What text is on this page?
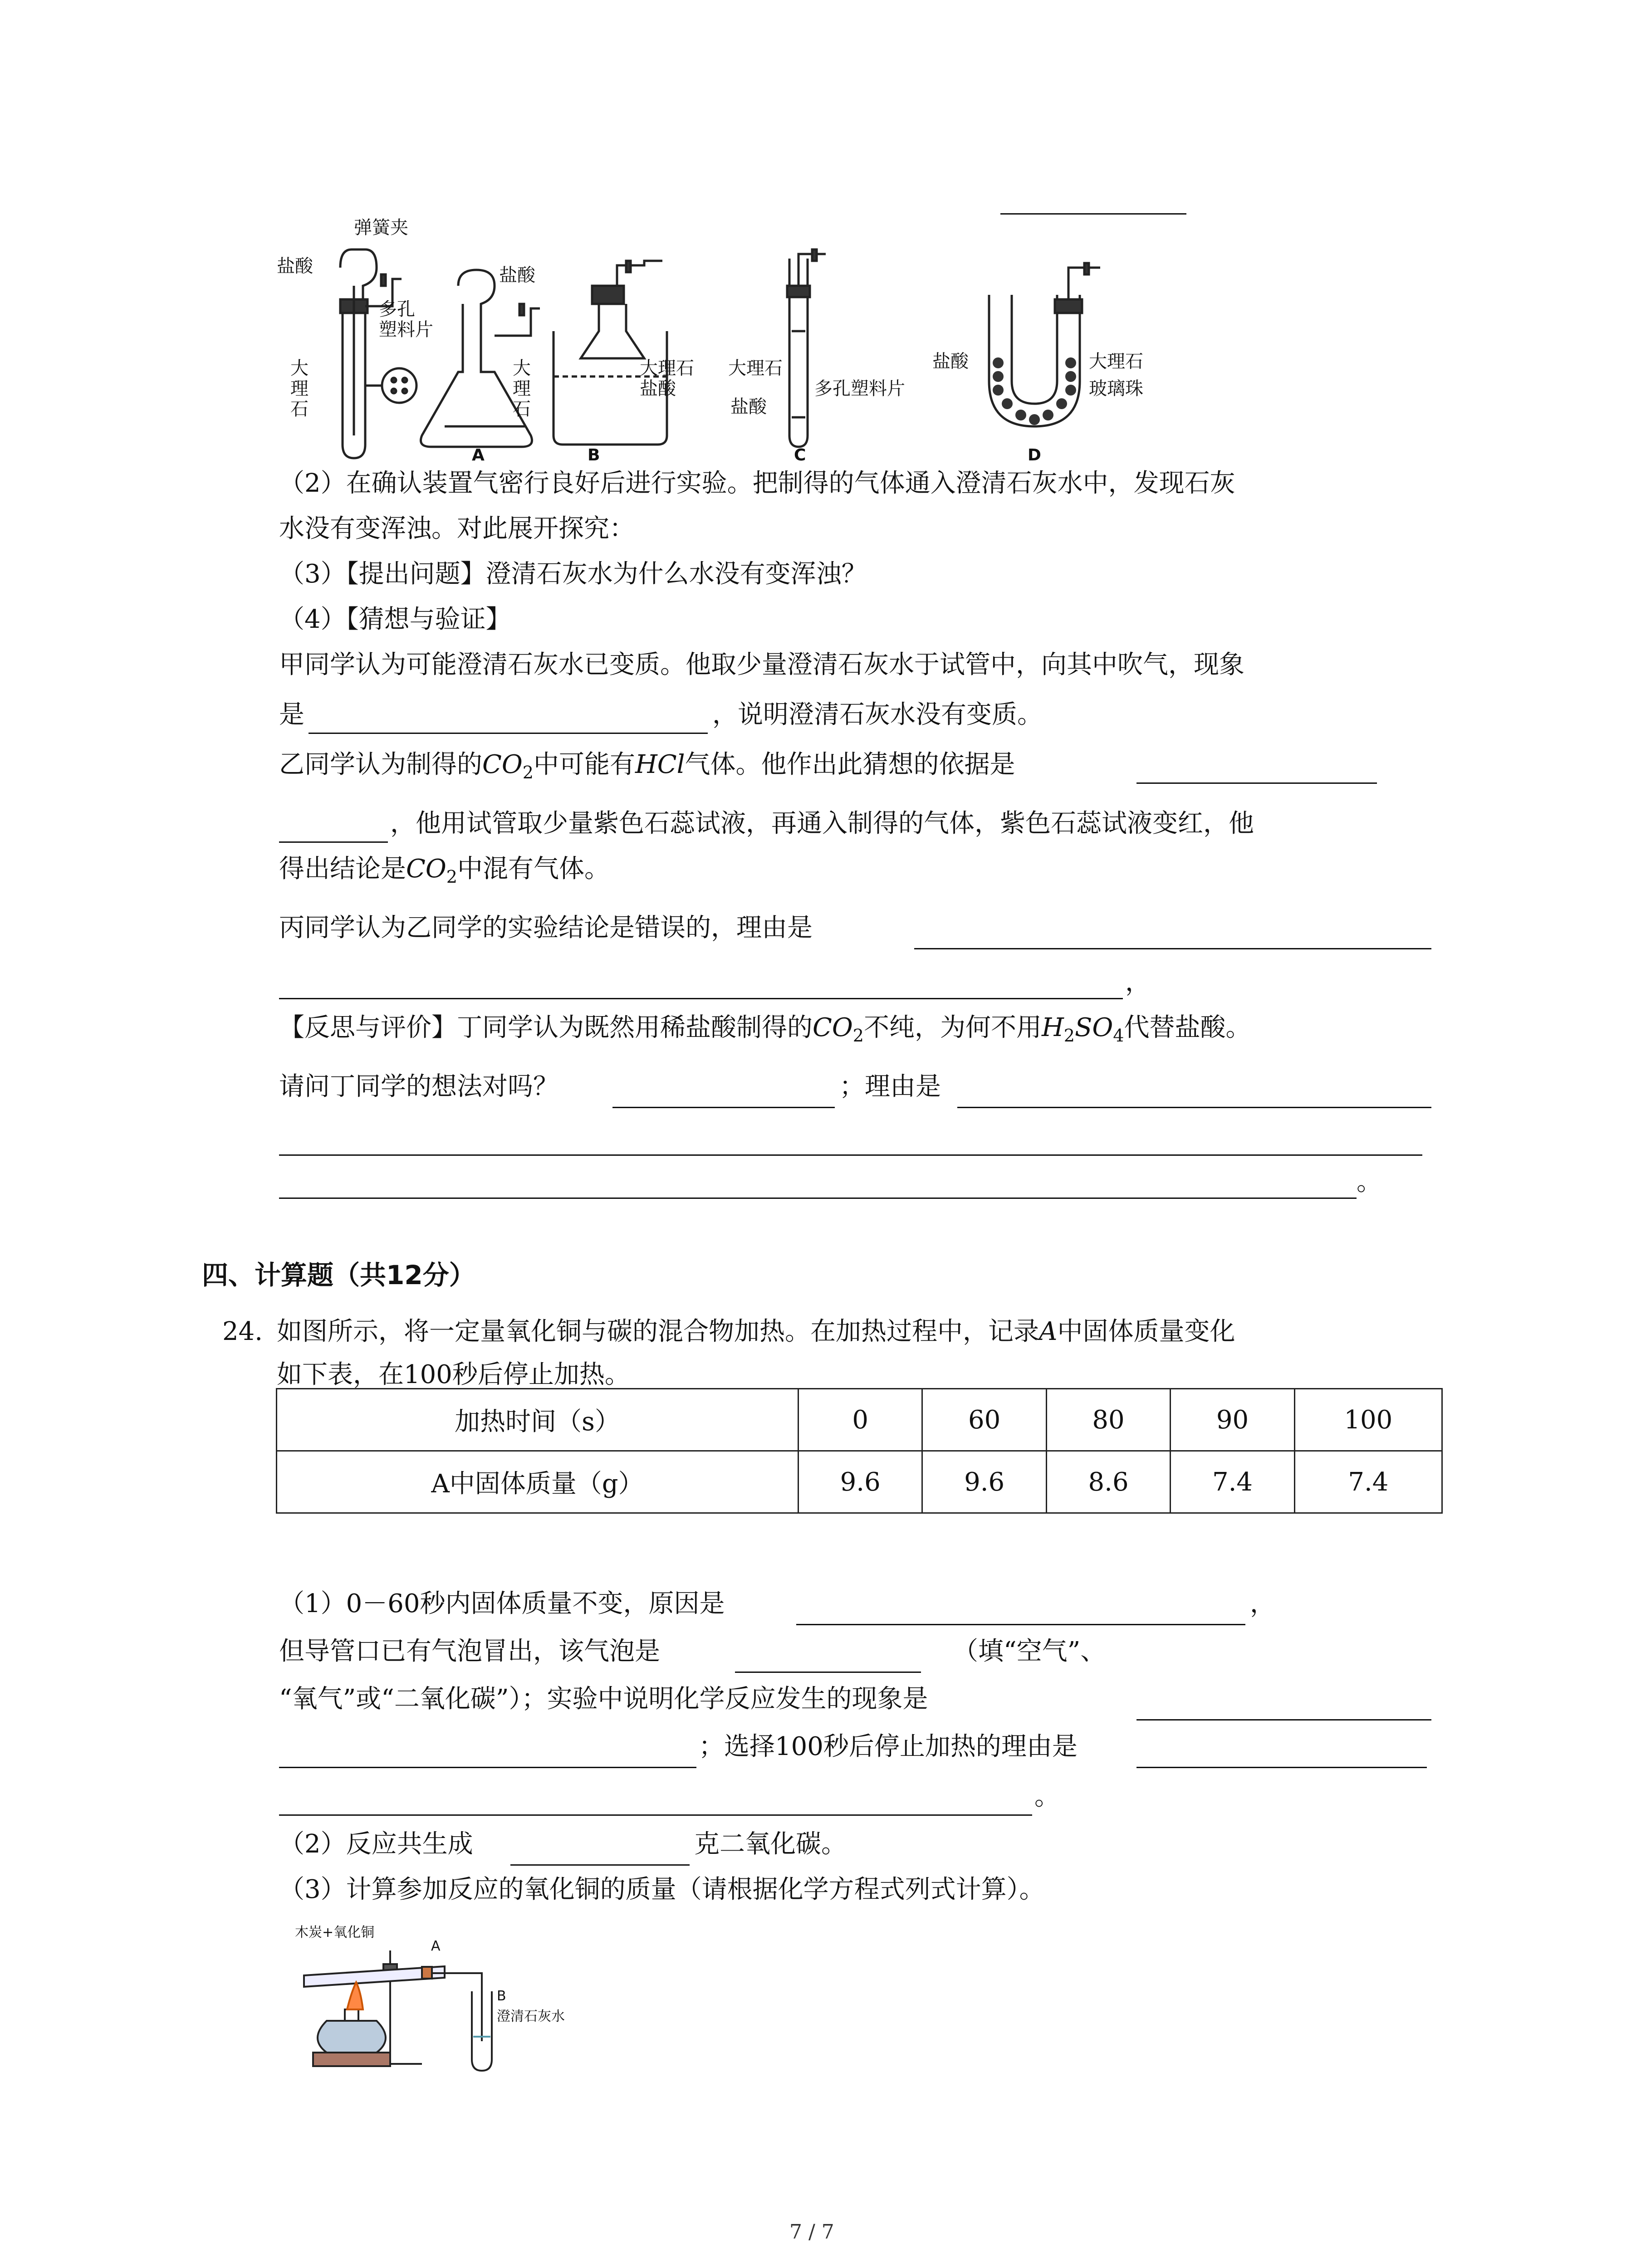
弹簧夹
盐酸
多孔
塑料片
大
理
石
盐酸
大
理
石
大理石
盐酸
大理石
盐酸
多孔塑料片
盐酸	大理石
玻璃珠
A	B	C	D
（2）在确认装置气密行良好后进行实验。把制得的气体通入澄清石灰水中，发现石灰
水没有变浑浊。对此展开探究：
（3）【提出问题】澄清石灰水为什么水没有变浑浊？
（4）【猜想与验证】
甲同学认为可能澄清石灰水已变质。他取少量澄清石灰水于试管中，向其中吹气，现象
是	，说明澄清石灰水没有变质。
乙同学认为制得的$CO_2$中可能有HCl气体。他作出此猜想的依据是
，他用试管取少量紫色石蕊试液，再通入制得的气体，紫色石蕊试液变红，他
得出结论是$CO_2$中混有气体。
丙同学认为乙同学的实验结论是错误的，理由是
，
【反思与评价】丁同学认为既然用稀盐酸制得的$CO_2$不纯，为何不用$H_2SO_4$代替盐酸。
请问丁同学的想法对吗？	；理由是
。
四、计算题（共12分）
24. 如图所示，将一定量氧化铜与碳的混合物加热。在加热过程中，记录A中固体质量变化
如下表，在100秒后停止加热。
加热时间（s）	0	60	80	90	100
A中固体质量（g）	9.6	9.6	8.6	7.4	7.4
（1）0－60秒内固体质量不变，原因是	，
但导管口已有气泡冒出，该气泡是	（填“空气”、
“氧气”或“二氧化碳”）；实验中说明化学反应发生的现象是
；选择100秒后停止加热的理由是
。
（2）反应共生成	克二氧化碳。
（3）计算参加反应的氧化铜的质量（请根据化学方程式列式计算）。
木炭+氧化铜
A
B
澄清石灰水
7 / 7
